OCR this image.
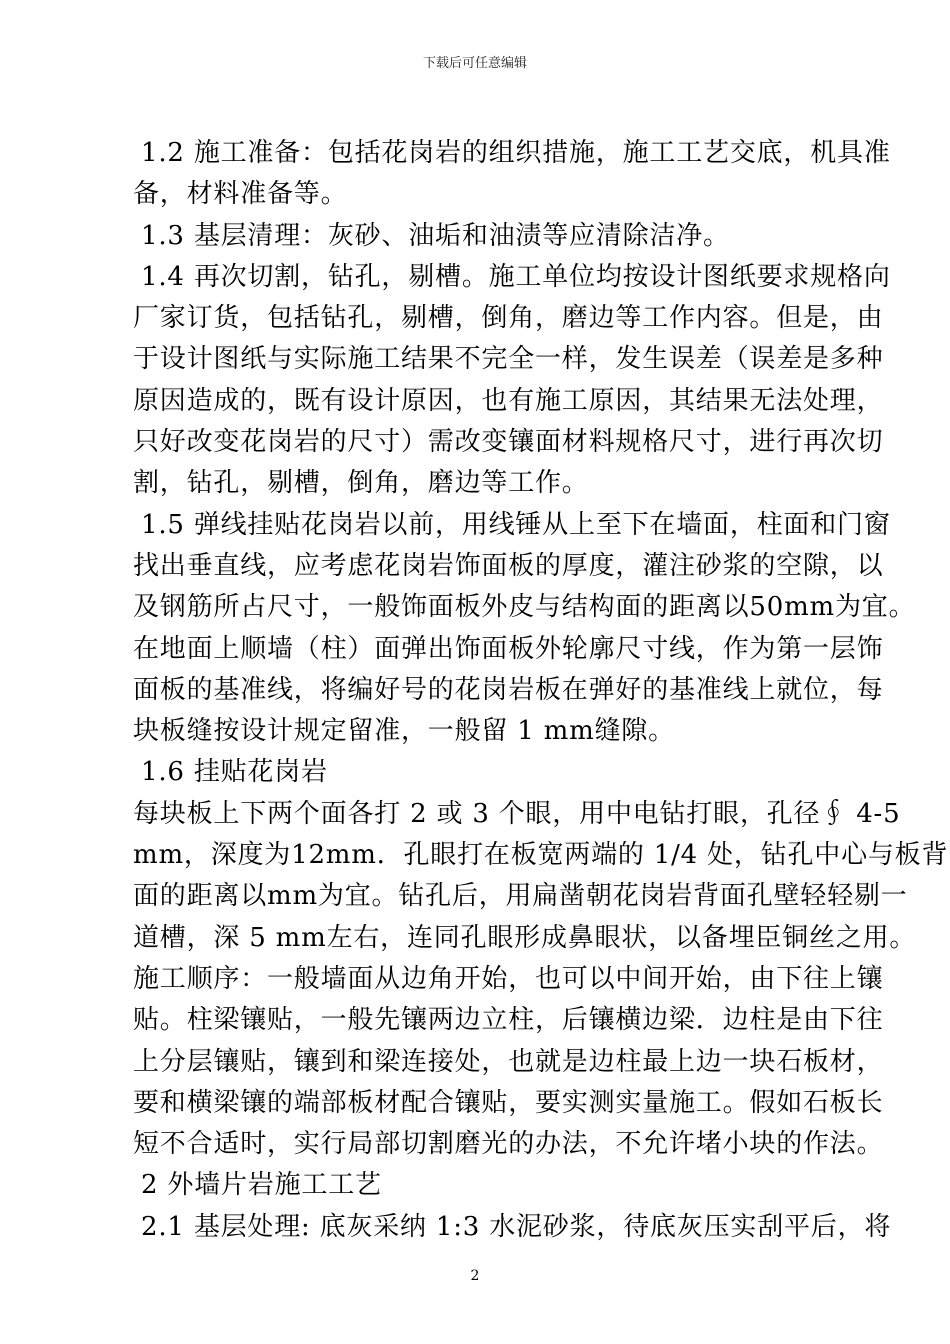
下载后可任意编辑
1.2 施工准备：包括花岗岩的组织措施，施工工艺交底，机具准
备，材料准备等。
1.3 基层清理：灰砂、油垢和油渍等应清除洁净。
1.4 再次切割，钻孔，剔槽。施工单位均按设计图纸要求规格向
厂家订货，包括钻孔，剔槽，倒角，磨边等工作内容。但是，由
于设计图纸与实际施工结果不完全一样，发生误差（误差是多种
原因造成的，既有设计原因，也有施工原因，其结果无法处理，
只好改变花岗岩的尺寸）需改变镶面材料规格尺寸，进行再次切
割，钻孔，剔槽，倒角，磨边等工作。
1.5 弹线挂贴花岗岩以前，用线锤从上至下在墙面，柱面和门窗
找出垂直线，应考虑花岗岩饰面板的厚度，灌注砂浆的空隙，以
及钢筋所占尺寸，一般饰面板外皮与结构面的距离以50mm为宜。
在地面上顺墙（柱）面弹出饰面板外轮廓尺寸线，作为第一层饰
面板的基准线，将编好号的花岗岩板在弹好的基准线上就位，每
块板缝按设计规定留准，一般留 1 mm缝隙。
1.6 挂贴花岗岩
每块板上下两个面各打 2 或 3 个眼，用中电钻打眼，孔径∮ 4-5
mm，深度为12mm．孔眼打在板宽两端的 1/4 处，钻孔中心与板背
面的距离以mm为宜。钻孔后，用扁凿朝花岗岩背面孔壁轻轻剔一
道槽，深 5 mm左右，连同孔眼形成鼻眼状，以备埋臣铜丝之用。
施工顺序：一般墙面从边角开始，也可以中间开始，由下往上镶
贴。柱梁镶贴，一般先镶两边立柱，后镶横边梁．边柱是由下往
上分层镶贴，镶到和梁连接处，也就是边柱最上边一块石板材，
要和横梁镶的端部板材配合镶贴，要实测实量施工。假如石板长
短不合适时，实行局部切割磨光的办法，不允许堵小块的作法。
2 外墙片岩施工工艺
2.1 基层处理: 底灰采纳 1:3 水泥砂浆，待底灰压实刮平后，将
2
